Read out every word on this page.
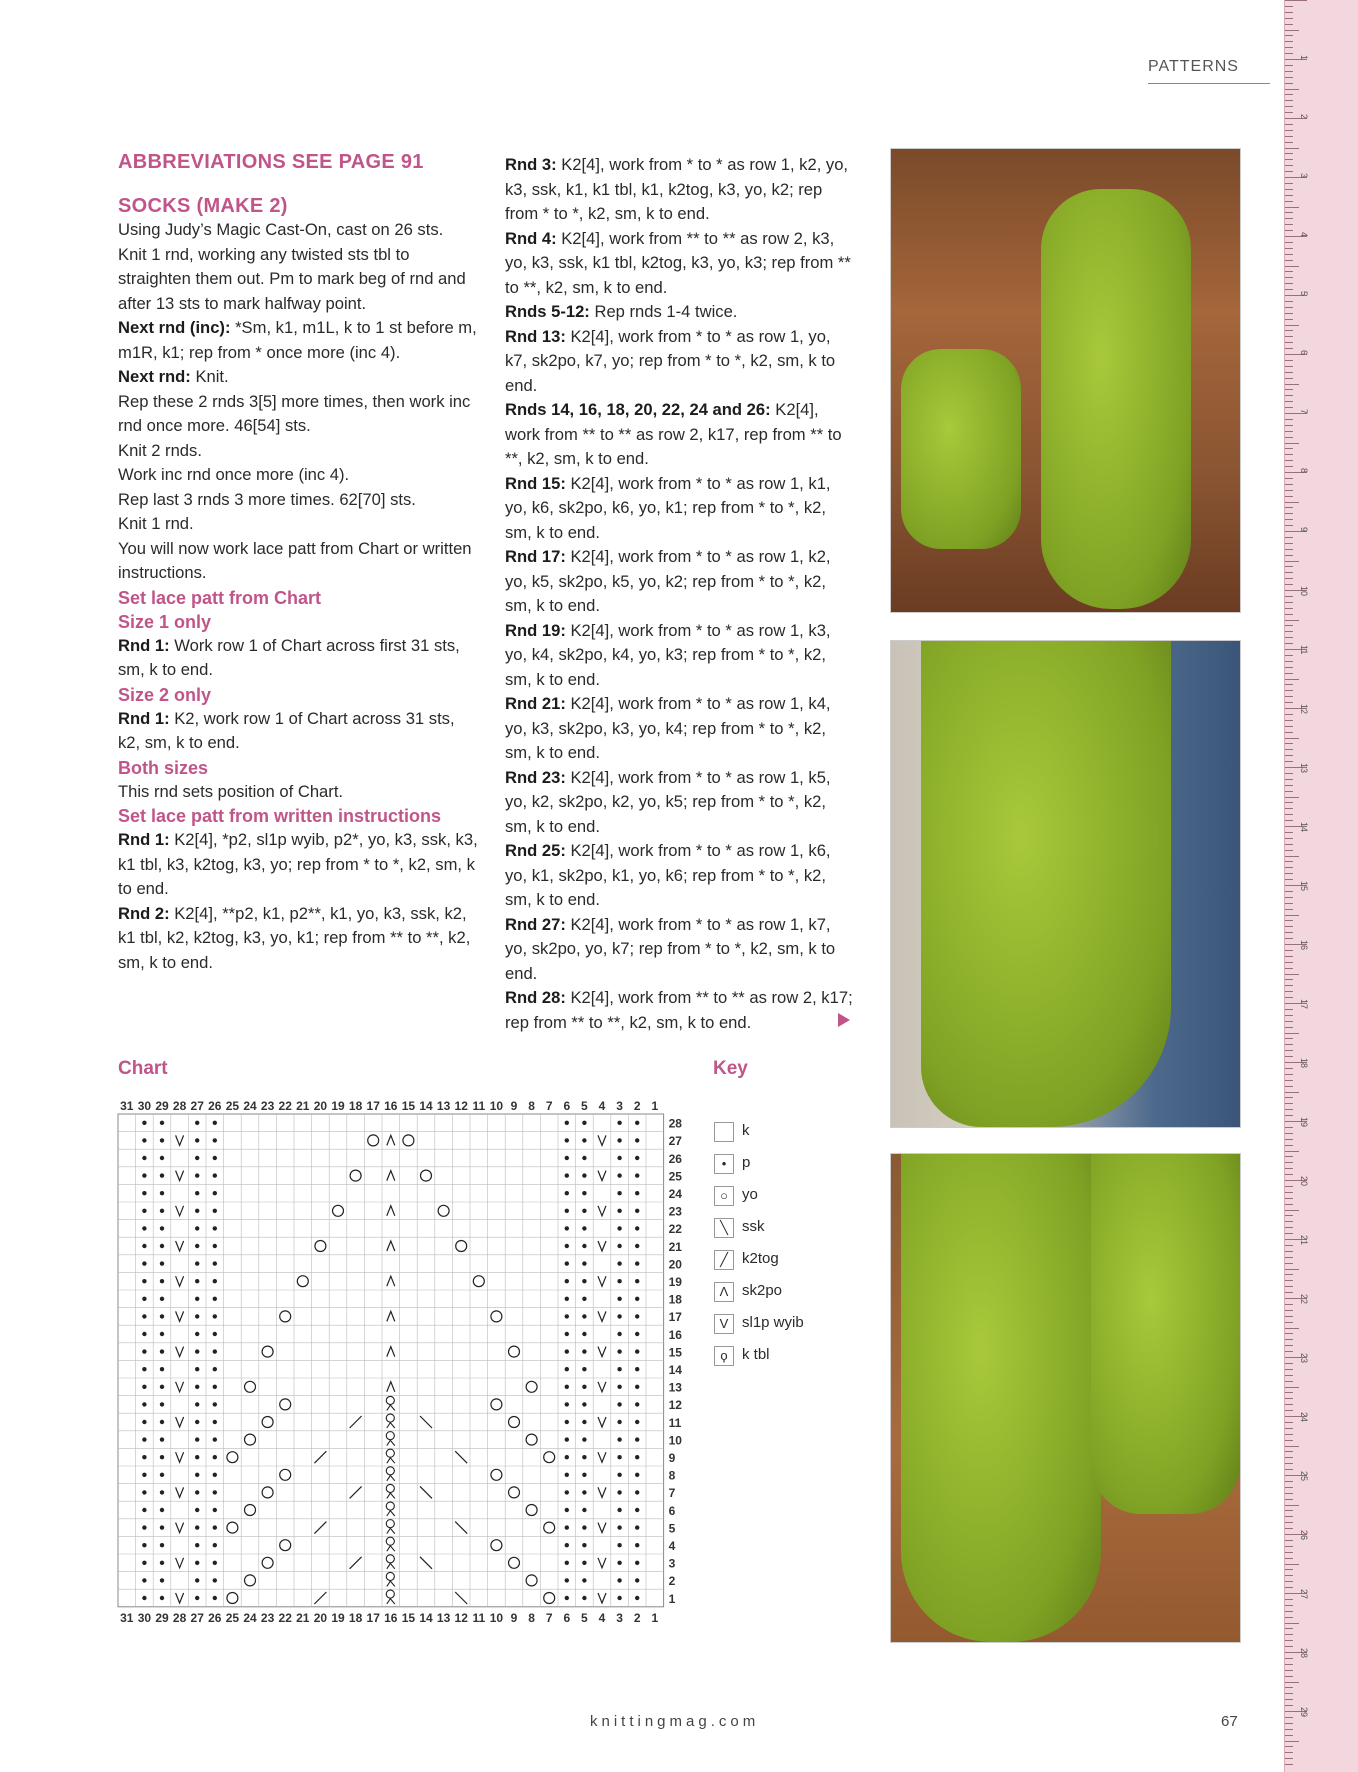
PATTERNS
ABBREVIATIONS SEE PAGE 91
SOCKS (MAKE 2)

Using Judy’s Magic Cast-On, cast on 26 sts.

Knit 1 rnd, working any twisted sts tbl to straighten them out. Pm to mark beg of rnd and after 13 sts to mark halfway point.

Next rnd (inc): *Sm, k1, m1L, k to 1 st before m, m1R, k1; rep from * once more (inc 4).

Next rnd: Knit.

Rep these 2 rnds 3[5] more times, then work inc rnd once more. 46[54] sts.

Knit 2 rnds.

Work inc rnd once more (inc 4).

Rep last 3 rnds 3 more times. 62[70] sts.

Knit 1 rnd.

You will now work lace patt from Chart or written instructions.

Set lace patt from Chart
Size 1 only

Rnd 1: Work row 1 of Chart across first 31 sts, sm, k to end.

Size 2 only

Rnd 1: K2, work row 1 of Chart across 31 sts, k2, sm, k to end.

Both sizes

This rnd sets position of Chart.

Set lace patt from written instructions

Rnd 1: K2[4], *p2, sl1p wyib, p2*, yo, k3, ssk, k3, k1 tbl, k3, k2tog, k3, yo; rep from * to *, k2, sm, k to end.

Rnd 2: K2[4], **p2, k1, p2**, k1, yo, k3, ssk, k2, k1 tbl, k2, k2tog, k3, yo, k1; rep from ** to **, k2, sm, k to end.

Rnd 3: K2[4], work from * to * as row 1, k2, yo, k3, ssk, k1, k1 tbl, k1, k2tog, k3, yo, k2; rep from * to *, k2, sm, k to end.

Rnd 4: K2[4], work from ** to ** as row 2, k3, yo, k3, ssk, k1 tbl, k2tog, k3, yo, k3; rep from ** to **, k2, sm, k to end.

Rnds 5-12: Rep rnds 1-4 twice.

Rnd 13: K2[4], work from * to * as row 1, yo, k7, sk2po, k7, yo; rep from * to *, k2, sm, k to end.

Rnds 14, 16, 18, 20, 22, 24 and 26: K2[4], work from ** to ** as row 2, k17, rep from ** to **, k2, sm, k to end.

Rnd 15: K2[4], work from * to * as row 1, k1, yo, k6, sk2po, k6, yo, k1; rep from * to *, k2, sm, k to end.

Rnd 17: K2[4], work from * to * as row 1, k2, yo, k5, sk2po, k5, yo, k2; rep from * to *, k2, sm, k to end.

Rnd 19: K2[4], work from * to * as row 1, k3, yo, k4, sk2po, k4, yo, k3; rep from * to *, k2, sm, k to end.

Rnd 21: K2[4], work from * to * as row 1, k4, yo, k3, sk2po, k3, yo, k4; rep from * to *, k2, sm, k to end.

Rnd 23: K2[4], work from * to * as row 1, k5, yo, k2, sk2po, k2, yo, k5; rep from * to *, k2, sm, k to end.

Rnd 25: K2[4], work from * to * as row 1, k6, yo, k1, sk2po, k1, yo, k6; rep from * to *, k2, sm, k to end.

Rnd 27: K2[4], work from * to * as row 1, k7, yo, sk2po, yo, k7; rep from * to *, k2, sm, k to end.

Rnd 28: K2[4], work from ** to ** as row 2, k17; rep from ** to **, k2, sm, k to end.

Chart
31
31
30
30
29
29
28
28
27
27
26
26
25
25
24
24
23
23
22
22
21
21
20
20
19
19
18
18
17
17
16
16
15
15
14
14
13
13
12
12
11
11
10
10
9
9
8
8
7
7
6
6
5
5
4
4
3
3
2
2
1
1
28
27
26
25
24
23
22
21
20
19
18
17
16
15
14
13
12
11
10
9
8
7
6
5
4
3
2
1
Key
k
•	p
○ yo
╲ ssk
╱ k2tog
Λ sk2po
V sl1p wyib
ϙ k tbl
1
2
3
4
5
6
7
8
9
10
11
12
13
14
15
16
17
18
19
20
21
22
23
24
25
26
27
28
29
knittingmag.com	67
